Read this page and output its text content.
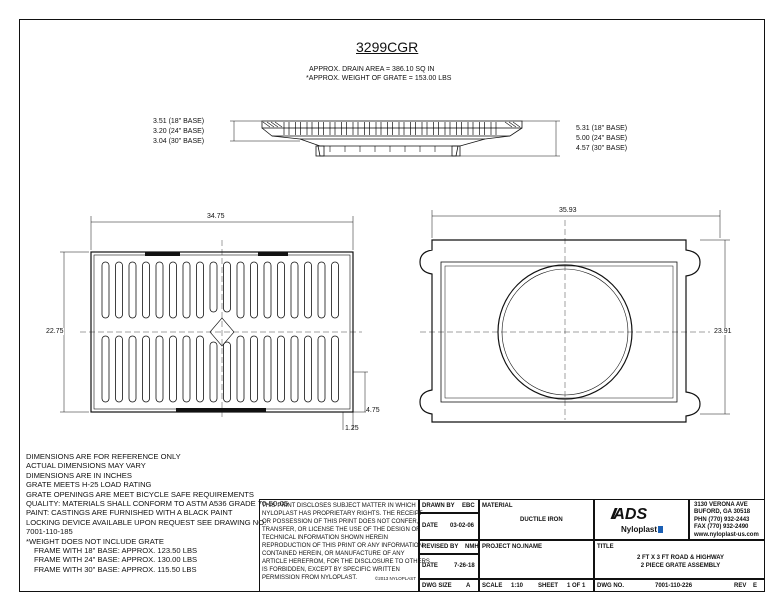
3299CGR
APPROX. DRAIN AREA = 386.10 SQ IN
*APPROX. WEIGHT OF GRATE = 153.00 LBS
3.51 (18" BASE)
3.20 (24" BASE)
3.04 (30" BASE)
5.31 (18" BASE)
5.00 (24" BASE)
4.57 (30" BASE)
34.75
22.75
4.75
1.25
35.93
23.91
DIMENSIONS ARE FOR REFERENCE ONLY
ACTUAL DIMENSIONS MAY VARY
DIMENSIONS ARE IN INCHES
GRATE MEETS H-25 LOAD RATING
GRATE OPENINGS ARE MEET BICYCLE SAFE REQUIREMENTS
QUALITY: MATERIALS SHALL CONFORM TO ASTM A536 GRADE 70-50-05
PAINT: CASTINGS ARE FURNISHED WITH A BLACK PAINT
LOCKING DEVICE AVAILABLE UPON REQUEST SEE DRAWING NO.
7001-110-185
*WEIGHT DOES NOT INCLUDE GRATE
FRAME WITH 18" BASE: APPROX. 123.50 LBS
FRAME WITH 24" BASE: APPROX. 130.00 LBS
FRAME WITH 30" BASE: APPROX. 115.50 LBS
THIS PRINT DISCLOSES SUBJECT MATTER IN WHICH
NYLOPLAST HAS PROPRIETARY RIGHTS. THE RECEIPT
OR POSSESSION OF THIS PRINT DOES NOT CONFER,
TRANSFER, OR LICENSE THE USE OF THE DESIGN OR
TECHNICAL INFORMATION SHOWN HEREIN
REPRODUCTION OF THIS PRINT OR ANY INFORMATION
CONTAINED HEREIN, OR MANUFACTURE OF ANY
ARTICLE HEREFROM, FOR THE DISCLOSURE TO OTHERS
IS FORBIDDEN, EXCEPT BY SPECIFIC WRITTEN
PERMISSION FROM NYLOPLAST.	©2013 NYLOPLAST
DRAWN BY EBC
DATE 03-02-06
REVISED BY NMH
DATE	7-26-18
DWG SIZE A
MATERIAL
DUCTILE IRON
PROJECT NO./NAME
SCALE 1:10 SHEET 1 OF 1
//ADS
Nyloplast
3130 VERONA AVE
BUFORD, GA 30518
PHN (770) 932-2443
FAX (770) 932-2490
www.nyloplast-us.com
TITLE
2 FT X 3 FT ROAD & HIGHWAY
2 PIECE GRATE ASSEMBLY
DWG NO.	7001-110-226	REV E
